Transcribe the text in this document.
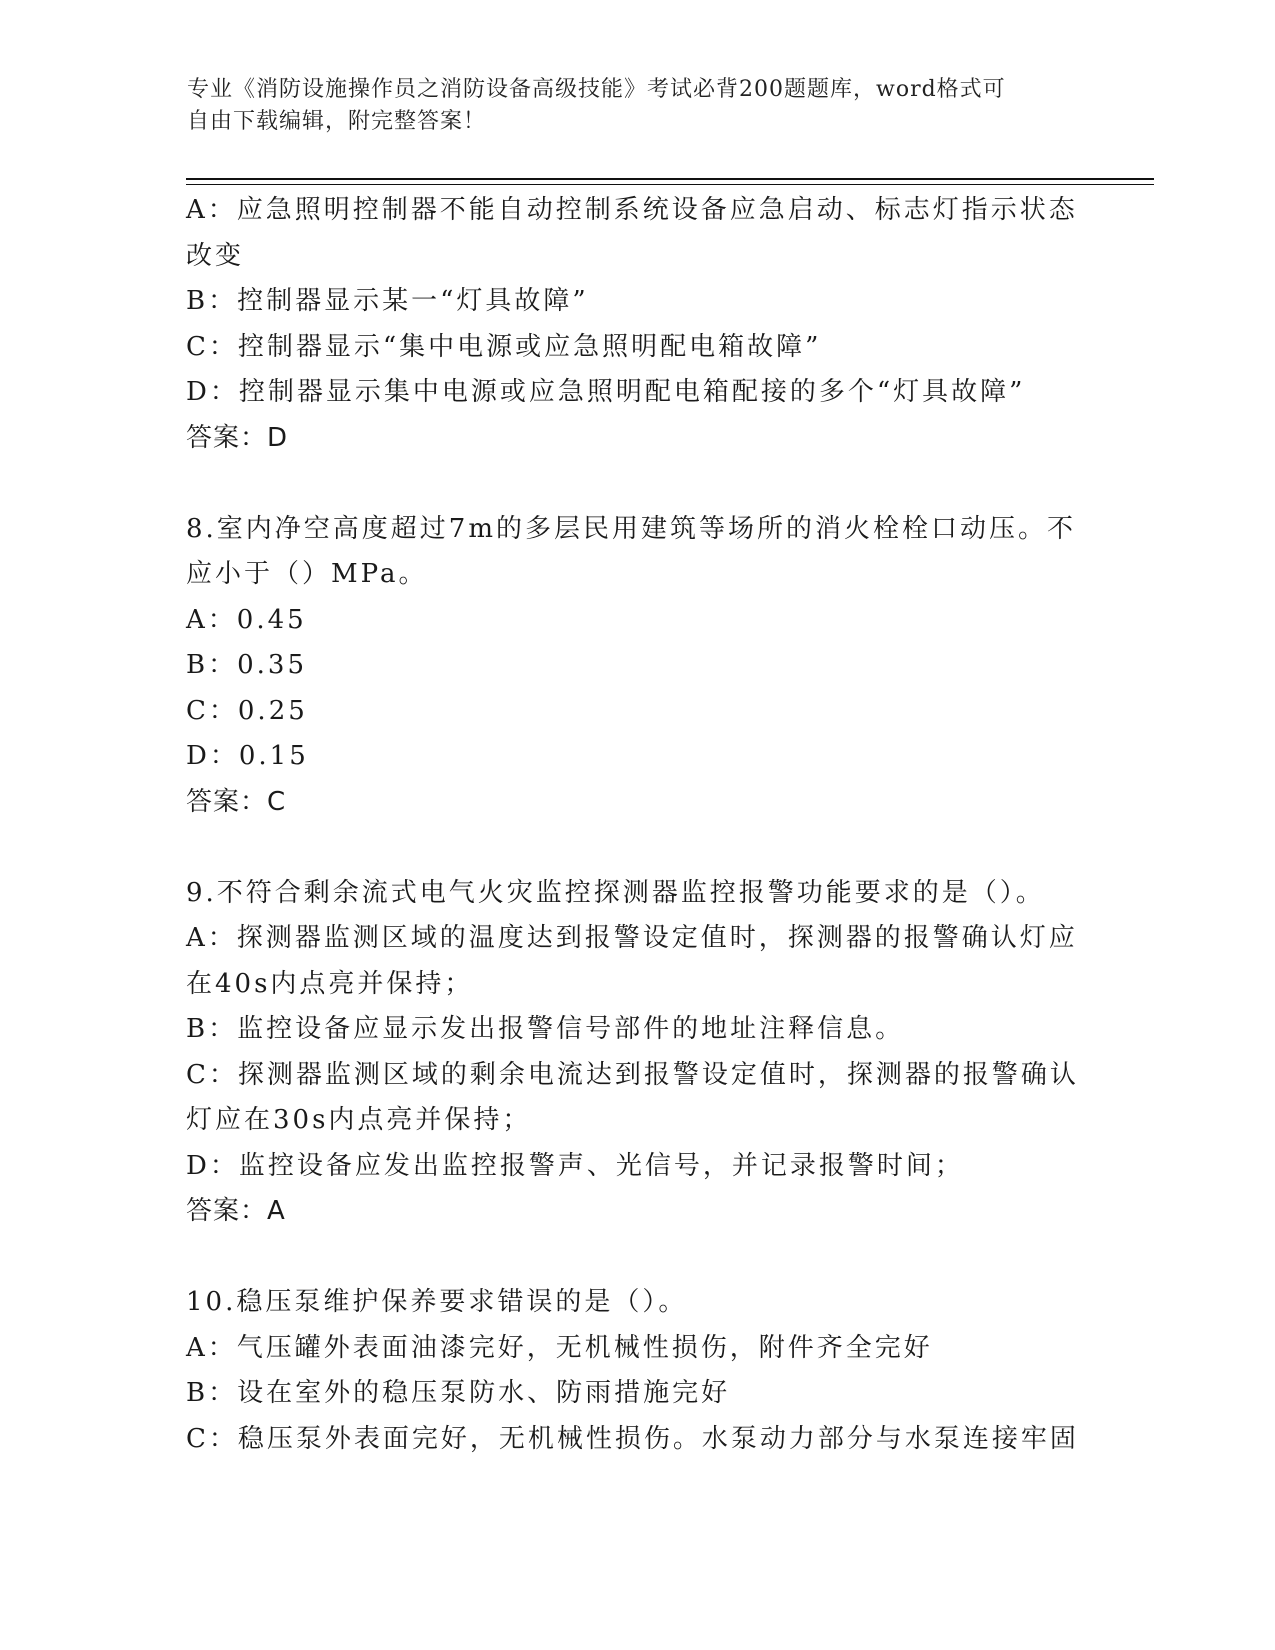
专业《消防设施操作员之消防设备高级技能》考试必背200题题库，word格式可
自由下载编辑，附完整答案！
A：应急照明控制器不能自动控制系统设备应急启动、标志灯指示状态
改变
B：控制器显示某一“灯具故障”
C：控制器显示“集中电源或应急照明配电箱故障”
D：控制器显示集中电源或应急照明配电箱配接的多个“灯具故障”
答案：D
8.室内净空高度超过7m的多层民用建筑等场所的消火栓栓口动压。不
应小于（）MPa。
A：0.45
B：0.35
C：0.25
D：0.15
答案：C
9.不符合剩余流式电气火灾监控探测器监控报警功能要求的是（）。
A：探测器监测区域的温度达到报警设定值时，探测器的报警确认灯应
在40s内点亮并保持；
B：监控设备应显示发出报警信号部件的地址注释信息。
C：探测器监测区域的剩余电流达到报警设定值时，探测器的报警确认
灯应在30s内点亮并保持；
D：监控设备应发出监控报警声、光信号，并记录报警时间；
答案：A
10.稳压泵维护保养要求错误的是（）。
A：气压罐外表面油漆完好，无机械性损伤，附件齐全完好
B：设在室外的稳压泵防水、防雨措施完好
C：稳压泵外表面完好，无机械性损伤。水泵动力部分与水泵连接牢固
